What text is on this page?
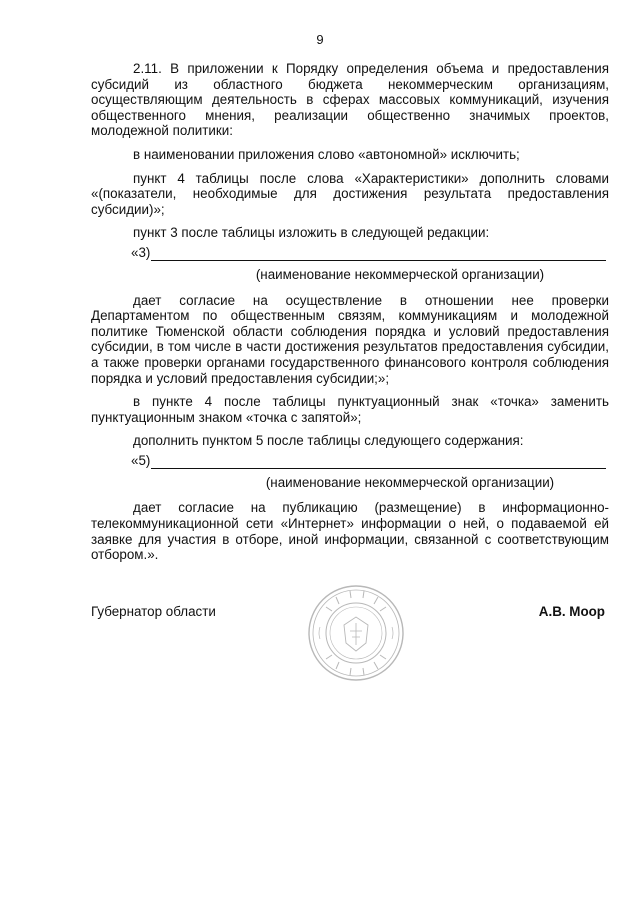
9

2.11. В приложении к Порядку определения объема и предоставления субсидий из областного бюджета некоммерческим организациям, осуществляющим деятельность в сферах массовых коммуникаций, изучения общественного мнения, реализации общественно значимых проектов, молодежной политики:

в наименовании приложения слово «автономной» исключить;

пункт 4 таблицы после слова «Характеристики» дополнить словами «(показатели, необходимые для достижения результата предоставления субсидии)»;

пункт 3 после таблицы изложить в следующей редакции:

«3)
(наименование некоммерческой организации)

дает согласие на осуществление в отношении нее проверки Департаментом по общественным связям, коммуникациям и молодежной политике Тюменской области соблюдения порядка и условий предоставления субсидии, в том числе в части достижения результатов предоставления субсидии, а также проверки органами государственного финансового контроля соблюдения порядка и условий предоставления субсидии;»;

в пункте 4 после таблицы пунктуационный знак «точка» заменить пунктуационным знаком «точка с запятой»;

дополнить пунктом 5 после таблицы следующего содержания:

«5)
(наименование некоммерческой организации)

дает согласие на публикацию (размещение) в информационно-телекоммуникационной сети «Интернет» информации о ней, о подаваемой ей заявке для участия в отборе, иной информации, связанной с соответствующим отбором.».

Губернатор области	А.В. Моор
